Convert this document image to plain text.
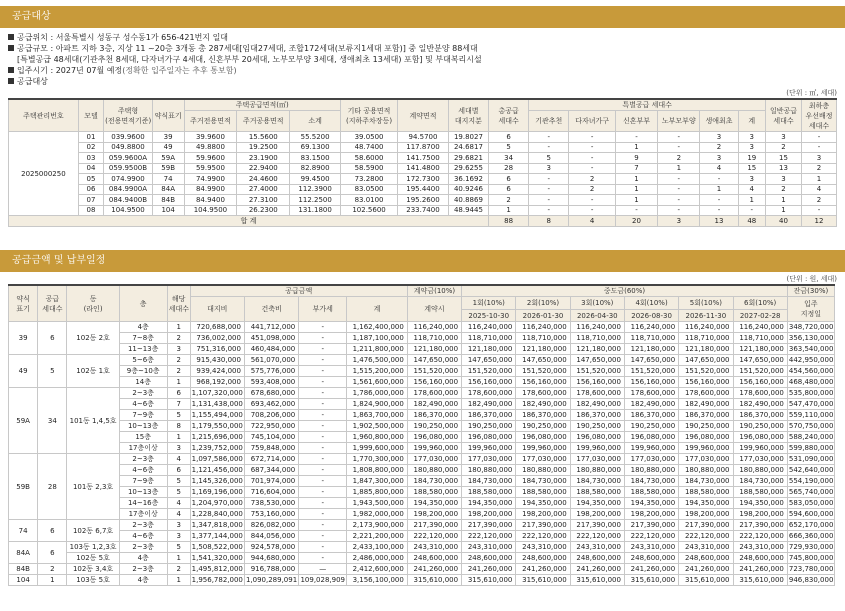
공급대상
공급위치 : 서울특별시 성동구 성수동1가 656-421번지 일대
공급규모 : 아파트 지하 3층, 지상 11 ~20층 3개동 총 287세대[임대27세대, 조합172세대(보류지1세대 포함)] 중 일반분양 88세대
[특별공급 48세대(기관추천 8세대, 다자녀가구 4세대, 신혼부부 20세대, 노부모부양 3세대, 생애최초 13세대) 포함] 및 부대복리시설
입주시기 : 2027년 07월 예정(정확한 입주일자는 추후 통보함)
공급대상
(단위 : ㎡, 세대)
주택관리번호	모델	주택형
(전용면적기준)	약식표기	주택공급면적(㎡)			기타 공용면적
(지하주차장등)	계약면적	세대별
대지지분	총공급
세대수	특별공급 세대수						일반공급
세대수	최하층
우선배정
세대수
				주거전용면적	주거공용면적	소계					기관추천	다자녀가구	신혼부부	노부모부양	생애최초	계		
2025000250	01	039.9600	39	39.9600	15.5600	55.5200	39.0500	94.5700	19.8027	6	-	-	-	-	3	3	3	-
	02	049.8800	49	49.8800	19.2500	69.1300	48.7400	117.8700	24.6817	5	-	-	1	-	2	3	2	-
	03	059.9600A	59A	59.9600	23.1900	83.1500	58.6000	141.7500	29.6821	34	5	-	9	2	3	19	15	3
	04	059.9500B	59B	59.9500	22.9400	82.8900	58.5900	141.4800	29.6255	28	3	-	7	1	4	15	13	2
	05	074.9900	74	74.9900	24.4600	99.4500	73.2800	172.7300	36.1692	6	-	2	1	-	-	3	3	1
	06	084.9900A	84A	84.9900	27.4000	112.3900	83.0500	195.4400	40.9246	6	-	2	1	-	1	4	2	4
	07	084.9400B	84B	84.9400	27.3100	112.2500	83.0100	195.2600	40.8869	2	-	-	1	-	-	1	1	2
	08	104.9500	104	104.9500	26.2300	131.1800	102.5600	233.7400	48.9445	1	-	-	-	-	-	-	1	-
합 계										88	8	4	20	3	13	48	40	12
공급금액 및 납부일정
(단위 : 원, 세대)
약식
표기	공급
세대수	동
(라인)	층	해당
세대수	공급금액				계약금(10%)	중도금(60%)						잔금(30%)
					대지비	건축비	부가세	계	계약시	1회(10%)	2회(10%)	3회(10%)	4회(10%)	5회(10%)	6회(10%)	입주
지정일
										2025-10-30	2026-01-30	2026-04-30	2026-08-30	2026-11-30	2027-02-28	
39	6	102동 2호	4층	1	720,688,000	441,712,000	-	1,162,400,000	116,240,000	116,240,000	116,240,000	116,240,000	116,240,000	116,240,000	116,240,000	348,720,000
			7~8층	2	736,002,000	451,098,000	-	1,187,100,000	118,710,000	118,710,000	118,710,000	118,710,000	118,710,000	118,710,000	118,710,000	356,130,000
			11~13층	3	751,316,000	460,484,000	-	1,211,800,000	121,180,000	121,180,000	121,180,000	121,180,000	121,180,000	121,180,000	121,180,000	363,540,000
49	5	102동 1호	5~6층	2	915,430,000	561,070,000	-	1,476,500,000	147,650,000	147,650,000	147,650,000	147,650,000	147,650,000	147,650,000	147,650,000	442,950,000
			9층~10층	2	939,424,000	575,776,000	-	1,515,200,000	151,520,000	151,520,000	151,520,000	151,520,000	151,520,000	151,520,000	151,520,000	454,560,000
			14층	1	968,192,000	593,408,000	-	1,561,600,000	156,160,000	156,160,000	156,160,000	156,160,000	156,160,000	156,160,000	156,160,000	468,480,000
59A	34	101동 1,4,5호	2~3층	6	1,107,320,000	678,680,000	-	1,786,000,000	178,600,000	178,600,000	178,600,000	178,600,000	178,600,000	178,600,000	178,600,000	535,800,000
			4~6층	7	1,131,438,000	693,462,000	-	1,824,900,000	182,490,000	182,490,000	182,490,000	182,490,000	182,490,000	182,490,000	182,490,000	547,470,000
			7~9층	5	1,155,494,000	708,206,000	-	1,863,700,000	186,370,000	186,370,000	186,370,000	186,370,000	186,370,000	186,370,000	186,370,000	559,110,000
			10~13층	8	1,179,550,000	722,950,000	-	1,902,500,000	190,250,000	190,250,000	190,250,000	190,250,000	190,250,000	190,250,000	190,250,000	570,750,000
			15층	1	1,215,696,000	745,104,000	-	1,960,800,000	196,080,000	196,080,000	196,080,000	196,080,000	196,080,000	196,080,000	196,080,000	588,240,000
			17층이상	3	1,239,752,000	759,848,000	-	1,999,600,000	199,960,000	199,960,000	199,960,000	199,960,000	199,960,000	199,960,000	199,960,000	599,880,000
59B	28	101동 2,3호	2~3층	4	1,097,586,000	672,714,000	-	1,770,300,000	177,030,000	177,030,000	177,030,000	177,030,000	177,030,000	177,030,000	177,030,000	531,090,000
			4~6층	6	1,121,456,000	687,344,000	-	1,808,800,000	180,880,000	180,880,000	180,880,000	180,880,000	180,880,000	180,880,000	180,880,000	542,640,000
			7~9층	5	1,145,326,000	701,974,000	-	1,847,300,000	184,730,000	184,730,000	184,730,000	184,730,000	184,730,000	184,730,000	184,730,000	554,190,000
			10~13층	5	1,169,196,000	716,604,000	-	1,885,800,000	188,580,000	188,580,000	188,580,000	188,580,000	188,580,000	188,580,000	188,580,000	565,740,000
			14~16층	4	1,204,970,000	738,530,000	-	1,943,500,000	194,350,000	194,350,000	194,350,000	194,350,000	194,350,000	194,350,000	194,350,000	583,050,000
			17층이상	4	1,228,840,000	753,160,000	-	1,982,000,000	198,200,000	198,200,000	198,200,000	198,200,000	198,200,000	198,200,000	198,200,000	594,600,000
74	6	102동 6,7호	2~3층	3	1,347,818,000	826,082,000	-	2,173,900,000	217,390,000	217,390,000	217,390,000	217,390,000	217,390,000	217,390,000	217,390,000	652,170,000
			4~6층	3	1,377,144,000	844,056,000	-	2,221,200,000	222,120,000	222,120,000	222,120,000	222,120,000	222,120,000	222,120,000	222,120,000	666,360,000
84A	6	103동 1,2,3호	2~3층	5	1,508,522,000	924,578,000	-	2,433,100,000	243,310,000	243,310,000	243,310,000	243,310,000	243,310,000	243,310,000	243,310,000	729,930,000
		102동 5호	4층	1	1,541,320,000	944,680,000	-	2,486,000,000	248,600,000	248,600,000	248,600,000	248,600,000	248,600,000	248,600,000	248,600,000	745,800,000
84B	2	102동 3,4호	2~3층	2	1,495,812,000	916,788,000	—	2,412,600,000	241,260,000	241,260,000	241,260,000	241,260,000	241,260,000	241,260,000	241,260,000	723,780,000
104	1	103동 5호	4층	1	1,956,782,000	1,090,289,091	109,028,909	3,156,100,000	315,610,000	315,610,000	315,610,000	315,610,000	315,610,000	315,610,000	315,610,000	946,830,000
